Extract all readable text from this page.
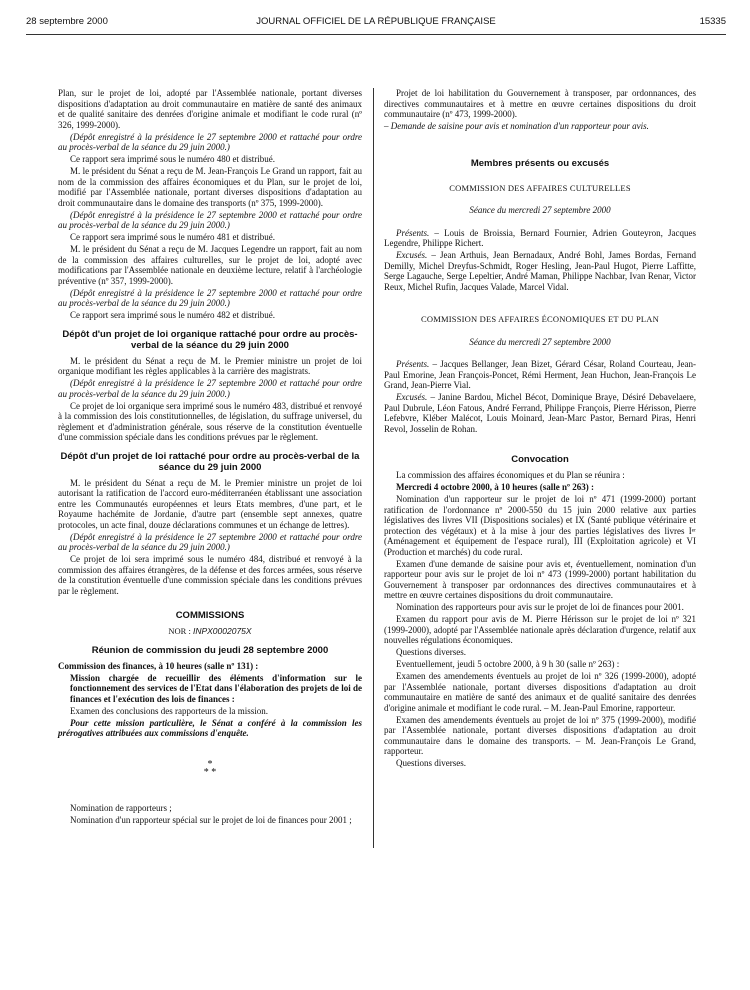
28 septembre 2000	JOURNAL OFFICIEL DE LA RÉPUBLIQUE FRANÇAISE	15335

Plan, sur le projet de loi, adopté par l'Assemblée nationale, portant diverses dispositions d'adaptation au droit communautaire en matière de santé des animaux et de qualité sanitaire des denrées d'origine animale et modifiant le code rural (nº 326, 1999-2000).

(Dépôt enregistré à la présidence le 27 septembre 2000 et rattaché pour ordre au procès-verbal de la séance du 29 juin 2000.)

Ce rapport sera imprimé sous le numéro 480 et distribué.

M. le président du Sénat a reçu de M. Jean-François Le Grand un rapport, fait au nom de la commission des affaires économiques et du Plan, sur le projet de loi, modifié par l'Assemblée nationale, portant diverses dispositions d'adaptation au droit communautaire dans le domaine des transports (nº 375, 1999-2000).

(Dépôt enregistré à la présidence le 27 septembre 2000 et rattaché pour ordre au procès-verbal de la séance du 29 juin 2000.)

Ce rapport sera imprimé sous le numéro 481 et distribué.

M. le président du Sénat a reçu de M. Jacques Legendre un rapport, fait au nom de la commission des affaires culturelles, sur le projet de loi, adopté avec modifications par l'Assemblée nationale en deuxième lecture, relatif à l'archéologie préventive (nº 357, 1999-2000).

(Dépôt enregistré à la présidence le 27 septembre 2000 et rattaché pour ordre au procès-verbal de la séance du 29 juin 2000.)

Ce rapport sera imprimé sous le numéro 482 et distribué.

Dépôt d'un projet de loi organique rattaché pour ordre au procès-verbal de la séance du 29 juin 2000

M. le président du Sénat a reçu de M. le Premier ministre un projet de loi organique modifiant les règles applicables à la carrière des magistrats.

(Dépôt enregistré à la présidence le 27 septembre 2000 et rattaché pour ordre au procès-verbal de la séance du 29 juin 2000.)

Ce projet de loi organique sera imprimé sous le numéro 483, distribué et renvoyé à la commission des lois constitutionnelles, de législation, du suffrage universel, du règlement et d'administration générale, sous réserve de la constitution éventuelle d'une commission spéciale dans les conditions prévues par le règlement.

Dépôt d'un projet de loi rattaché pour ordre au procès-verbal de la séance du 29 juin 2000

M. le président du Sénat a reçu de M. le Premier ministre un projet de loi autorisant la ratification de l'accord euro-méditerranéen établissant une association entre les Communautés européennes et leurs Etats membres, d'une part, et le Royaume hachémite de Jordanie, d'autre part (ensemble sept annexes, quatre protocoles, un acte final, douze déclarations communes et un échange de lettres).

(Dépôt enregistré à la présidence le 27 septembre 2000 et rattaché pour ordre au procès-verbal de la séance du 29 juin 2000.)

Ce projet de loi sera imprimé sous le numéro 484, distribué et renvoyé à la commission des affaires étrangères, de la défense et des forces armées, sous réserve de la constitution éventuelle d'une commission spéciale dans les conditions prévues par le règlement.

COMMISSIONS
NOR : INPX0002075X
Réunion de commission du jeudi 28 septembre 2000

Commission des finances, à 10 heures (salle nº 131) :

Mission chargée de recueillir des éléments d'information sur le fonctionnement des services de l'Etat dans l'élaboration des projets de loi de finances et l'exécution des lois de finances :

Examen des conclusions des rapporteurs de la mission.

Pour cette mission particulière, le Sénat a conféré à la commission les prérogatives attribuées aux commissions d'enquête.

*
* *

Nomination de rapporteurs ;

Nomination d'un rapporteur spécial sur le projet de loi de finances pour 2001 ;

Projet de loi habilitation du Gouvernement à transposer, par ordonnances, des directives communautaires et à mettre en œuvre certaines dispositions du droit communautaire (nº 473, 1999-2000).

– Demande de saisine pour avis et nomination d'un rapporteur pour avis.

Membres présents ou excusés
COMMISSION DES AFFAIRES CULTURELLES
Séance du mercredi 27 septembre 2000

Présents. – Louis de Broissia, Bernard Fournier, Adrien Gouteyron, Jacques Legendre, Philippe Richert.

Excusés. – Jean Arthuis, Jean Bernadaux, André Bohl, James Bordas, Fernand Demilly, Michel Dreyfus-Schmidt, Roger Hesling, Jean-Paul Hugot, Pierre Laffitte, Serge Lagauche, Serge Lepeltier, André Maman, Philippe Nachbar, Ivan Renar, Victor Reux, Michel Rufin, Jacques Valade, Marcel Vidal.

COMMISSION DES AFFAIRES ÉCONOMIQUES ET DU PLAN
Séance du mercredi 27 septembre 2000

Présents. – Jacques Bellanger, Jean Bizet, Gérard César, Roland Courteau, Jean-Paul Emorine, Jean François-Poncet, Rémi Herment, Jean Huchon, Jean-François Le Grand, Jean-Pierre Vial.

Excusés. – Janine Bardou, Michel Bécot, Dominique Braye, Désiré Debavelaere, Paul Dubrule, Léon Fatous, André Ferrand, Philippe François, Pierre Hérisson, Pierre Lefebvre, Kléber Malécot, Louis Moinard, Jean-Marc Pastor, Bernard Piras, Henri Revol, Josselin de Rohan.

Convocation

La commission des affaires économiques et du Plan se réunira :

Mercredi 4 octobre 2000, à 10 heures (salle nº 263) :

Nomination d'un rapporteur sur le projet de loi nº 471 (1999-2000) portant ratification de l'ordonnance nº 2000-550 du 15 juin 2000 relative aux parties législatives des livres VII (Dispositions sociales) et IX (Santé publique vétérinaire et protection des végétaux) et à la mise à jour des parties législatives des livres Iᵉʳ (Aménagement et équipement de l'espace rural), III (Exploitation agricole) et VI (Production et marchés) du code rural.

Examen d'une demande de saisine pour avis et, éventuellement, nomination d'un rapporteur pour avis sur le projet de loi nº 473 (1999-2000) portant habilitation du Gouvernement à transposer par ordonnances des directives communautaires et à mettre en œuvre certaines dispositions du droit communautaire.

Nomination des rapporteurs pour avis sur le projet de loi de finances pour 2001.

Examen du rapport pour avis de M. Pierre Hérisson sur le projet de loi nº 321 (1999-2000), adopté par l'Assemblée nationale après déclaration d'urgence, relatif aux nouvelles régulations économiques.

Questions diverses.

Eventuellement, jeudi 5 octobre 2000, à 9 h 30 (salle nº 263) :

Examen des amendements éventuels au projet de loi nº 326 (1999-2000), adopté par l'Assemblée nationale, portant diverses dispositions d'adaptation au droit communautaire en matière de santé des animaux et de qualité sanitaire des denrées d'origine animale et modifiant le code rural. – M. Jean-Paul Emorine, rapporteur.

Examen des amendements éventuels au projet de loi nº 375 (1999-2000), modifié par l'Assemblée nationale, portant diverses dispositions d'adaptation au droit communautaire dans le domaine des transports. – M. Jean-François Le Grand, rapporteur.

Questions diverses.
